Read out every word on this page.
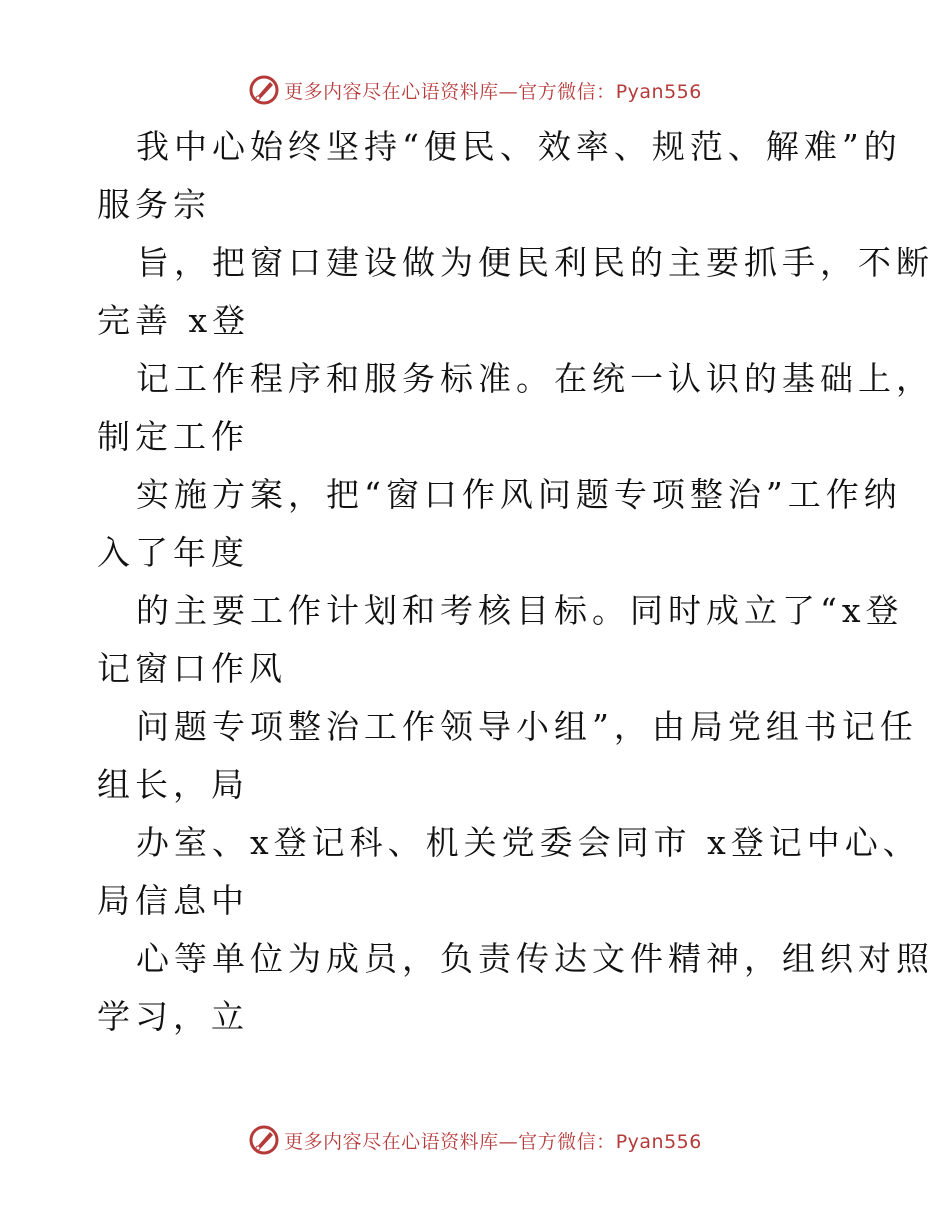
更多内容尽在心语资料库—官方微信：Pyan556
我中心始终坚持“便民、效率、规范、解难”的
服务宗
旨，把窗口建设做为便民利民的主要抓手，不断
完善 x登
记工作程序和服务标准。在统一认识的基础上，
制定工作
实施方案，把“窗口作风问题专项整治”工作纳
入了年度
的主要工作计划和考核目标。同时成立了“x登
记窗口作风
问题专项整治工作领导小组”，由局党组书记任
组长，局
办室、x登记科、机关党委会同市 x登记中心、
局信息中
心等单位为成员，负责传达文件精神，组织对照
学习，立
更多内容尽在心语资料库—官方微信：Pyan556
